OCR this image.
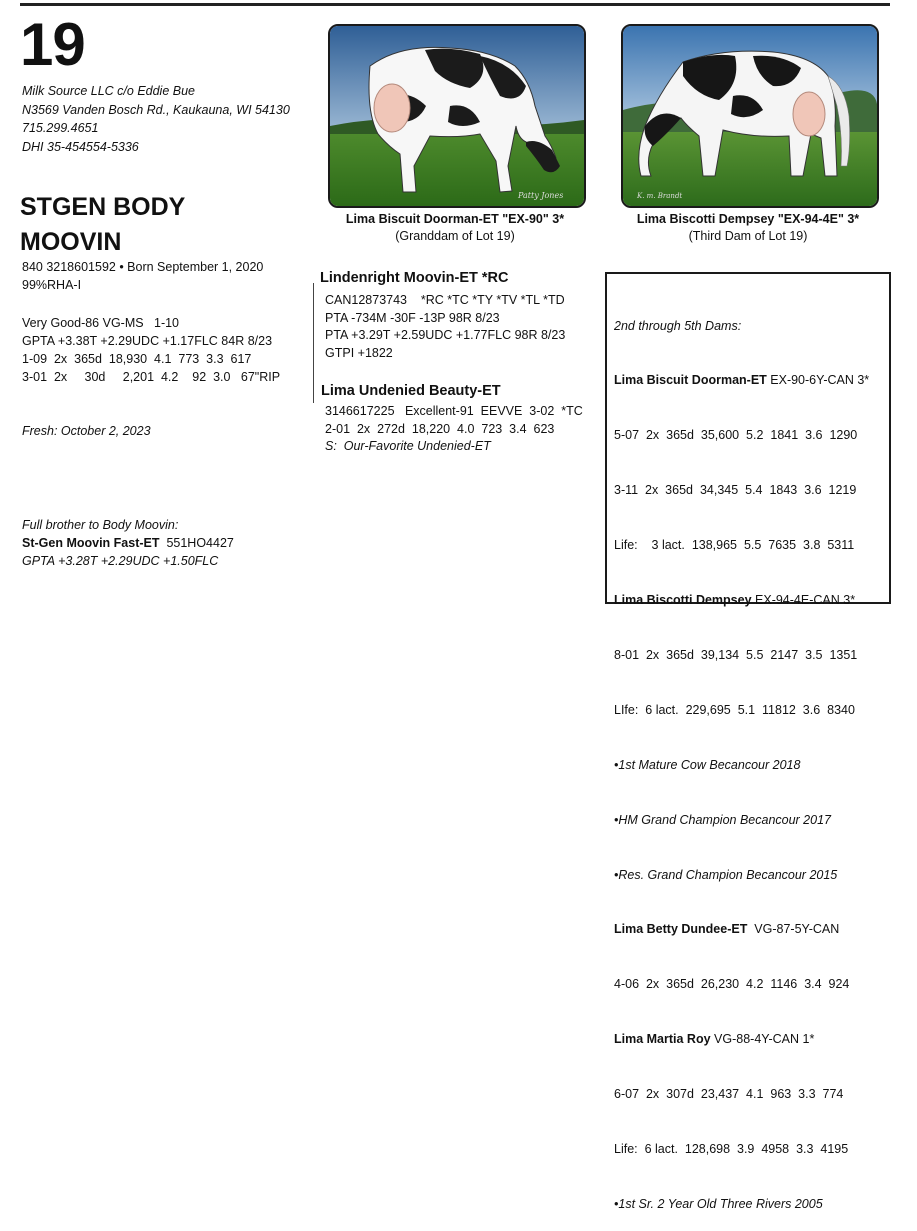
19
Milk Source LLC c/o Eddie Bue
N3569 Vanden Bosch Rd., Kaukauna, WI 54130
715.299.4651
DHI 35-454554-5336
STGEN BODY
MOOVIN
840 3218601592 • Born September 1, 2020
99%RHA-I
Very Good-86 VG-MS   1-10
GPTA +3.38T +2.29UDC +1.17FLC 84R 8/23
1-09  2x  365d  18,930  4.1  773  3.3  617
3-01  2x     30d     2,201  4.2    92  3.0   67"RIP
Fresh: October 2, 2023
Full brother to Body Moovin:
St-Gen Moovin Fast-ET  551HO4427
GPTA +3.28T +2.29UDC +1.50FLC
Patty Jones	K. m. Brandt
Lima Biscuit Doorman-ET "EX-90" 3*
(Granddam of Lot 19)
Lima Biscotti Dempsey "EX-94-4E" 3*
(Third Dam of Lot 19)
Lindenright Moovin-ET *RC
CAN12873743    *RC *TC *TY *TV *TL *TD
PTA -734M -30F -13P 98R 8/23
PTA +3.29T +2.59UDC +1.77FLC 98R 8/23
GTPI +1822
Lima Undenied Beauty-ET
3146617225   Excellent-91  EEVVE  3-02  *TC
2-01  2x  272d  18,220  4.0  723  3.4  623
S:  Our-Favorite Undenied-ET

2nd through 5th Dams:

Lima Biscuit Doorman-ET EX-90-6Y-CAN 3*

5-07  2x  365d  35,600  5.2  1841  3.6  1290

3-11  2x  365d  34,345  5.4  1843  3.6  1219

Life:    3 lact.  138,965  5.5  7635  3.8  5311

Lima Biscotti Dempsey EX-94-4E-CAN 3*

8-01  2x  365d  39,134  5.5  2147  3.5  1351

LIfe:  6 lact.  229,695  5.1  11812  3.6  8340

•1st Mature Cow Becancour 2018

•HM Grand Champion Becancour 2017

•Res. Grand Champion Becancour 2015

Lima Betty Dundee-ET  VG-87-5Y-CAN

4-06  2x  365d  26,230  4.2  1146  3.4  924

Lima Martia Roy VG-88-4Y-CAN 1*

6-07  2x  307d  23,437  4.1  963  3.3  774

Life:  6 lact.  128,698  3.9  4958  3.3  4195

•1st Sr. 2 Year Old Three Rivers 2005
